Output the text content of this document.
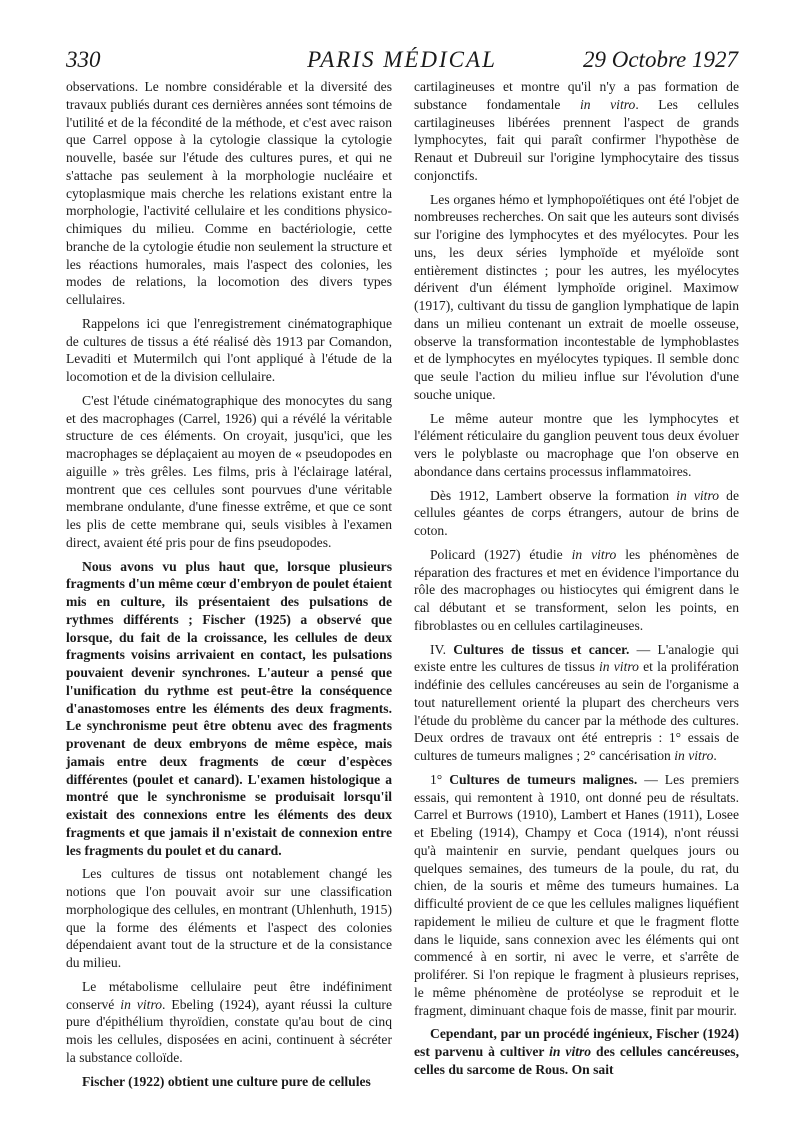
330	PARIS MÉDICAL	29 Octobre 1927

observations. Le nombre considérable et la diversité des travaux publiés durant ces dernières années sont témoins de l'utilité et de la fécondité de la méthode, et c'est avec raison que Carrel oppose à la cytologie classique la cytologie nouvelle, basée sur l'étude des cultures pures, et qui ne s'attache pas seulement à la morphologie nucléaire et cytoplasmique mais cherche les relations existant entre la morphologie, l'activité cellulaire et les conditions physico-chimiques du milieu. Comme en bactériologie, cette branche de la cytologie étudie non seulement la structure et les réactions humorales, mais l'aspect des colonies, les modes de relations, la locomotion des divers types cellulaires.

Rappelons ici que l'enregistrement cinématographique de cultures de tissus a été réalisé dès 1913 par Comandon, Levaditi et Mutermilch qui l'ont appliqué à l'étude de la locomotion et de la division cellulaire.

C'est l'étude cinématographique des monocytes du sang et des macrophages (Carrel, 1926) qui a révélé la véritable structure de ces éléments. On croyait, jusqu'ici, que les macrophages se déplaçaient au moyen de « pseudopodes en aiguille » très grêles. Les films, pris à l'éclairage latéral, montrent que ces cellules sont pourvues d'une véritable membrane ondulante, d'une finesse extrême, et que ce sont les plis de cette membrane qui, seuls visibles à l'examen direct, avaient été pris pour de fins pseudopodes.

Nous avons vu plus haut que, lorsque plusieurs fragments d'un même cœur d'embryon de poulet étaient mis en culture, ils présentaient des pulsations de rythmes différents ; Fischer (1925) a observé que lorsque, du fait de la croissance, les cellules de deux fragments voisins arrivaient en contact, les pulsations pouvaient devenir synchrones. L'auteur a pensé que l'unification du rythme est peut-être la conséquence d'anastomoses entre les éléments des deux fragments. Le synchronisme peut être obtenu avec des fragments provenant de deux embryons de même espèce, mais jamais entre deux fragments de cœur d'espèces différentes (poulet et canard). L'examen histologique a montré que le synchronisme se produisait lorsqu'il existait des connexions entre les éléments des deux fragments et que jamais il n'existait de connexion entre les fragments du poulet et du canard.

Les cultures de tissus ont notablement changé les notions que l'on pouvait avoir sur une classification morphologique des cellules, en montrant (Uhlenhuth, 1915) que la forme des éléments et l'aspect des colonies dépendaient avant tout de la structure et de la consistance du milieu.

Le métabolisme cellulaire peut être indéfiniment conservé in vitro. Ebeling (1924), ayant réussi la culture pure d'épithélium thyroïdien, constate qu'au bout de cinq mois les cellules, disposées en acini, continuent à sécréter la substance colloïde.

Fischer (1922) obtient une culture pure de cellules

cartilagineuses et montre qu'il n'y a pas formation de substance fondamentale in vitro. Les cellules cartilagineuses libérées prennent l'aspect de grands lymphocytes, fait qui paraît confirmer l'hypothèse de Renaut et Dubreuil sur l'origine lymphocytaire des tissus conjonctifs.

Les organes hémo et lymphopoïétiques ont été l'objet de nombreuses recherches. On sait que les auteurs sont divisés sur l'origine des lymphocytes et des myélocytes. Pour les uns, les deux séries lymphoïde et myéloïde sont entièrement distinctes ; pour les autres, les myélocytes dérivent d'un élément lymphoïde originel. Maximow (1917), cultivant du tissu de ganglion lymphatique de lapin dans un milieu contenant un extrait de moelle osseuse, observe la transformation incontestable de lymphoblastes et de lymphocytes en myélocytes typiques. Il semble donc que seule l'action du milieu influe sur l'évolution d'une souche unique.

Le même auteur montre que les lymphocytes et l'élément réticulaire du ganglion peuvent tous deux évoluer vers le polyblaste ou macrophage que l'on observe en abondance dans certains processus inflammatoires.

Dès 1912, Lambert observe la formation in vitro de cellules géantes de corps étrangers, autour de brins de coton.

Policard (1927) étudie in vitro les phénomènes de réparation des fractures et met en évidence l'importance du rôle des macrophages ou histiocytes qui émigrent dans le cal débutant et se transforment, selon les points, en fibroblastes ou en cellules cartilagineuses.

IV. Cultures de tissus et cancer. — L'analogie qui existe entre les cultures de tissus in vitro et la prolifération indéfinie des cellules cancéreuses au sein de l'organisme a tout naturellement orienté la plupart des chercheurs vers l'étude du problème du cancer par la méthode des cultures. Deux ordres de travaux ont été entrepris : 1° essais de cultures de tumeurs malignes ; 2° cancérisation in vitro.

1° Cultures de tumeurs malignes. — Les premiers essais, qui remontent à 1910, ont donné peu de résultats. Carrel et Burrows (1910), Lambert et Hanes (1911), Losee et Ebeling (1914), Champy et Coca (1914), n'ont réussi qu'à maintenir en survie, pendant quelques jours ou quelques semaines, des tumeurs de la poule, du rat, du chien, de la souris et même des tumeurs humaines. La difficulté provient de ce que les cellules malignes liquéfient rapidement le milieu de culture et que le fragment flotte dans le liquide, sans connexion avec les éléments qui ont commencé à en sortir, ni avec le verre, et s'arrête de proliférer. Si l'on repique le fragment à plusieurs reprises, le même phénomène de protéolyse se reproduit et le fragment, diminuant chaque fois de masse, finit par mourir.

Cependant, par un procédé ingénieux, Fischer (1924) est parvenu à cultiver in vitro des cellules cancéreuses, celles du sarcome de Rous. On sait
